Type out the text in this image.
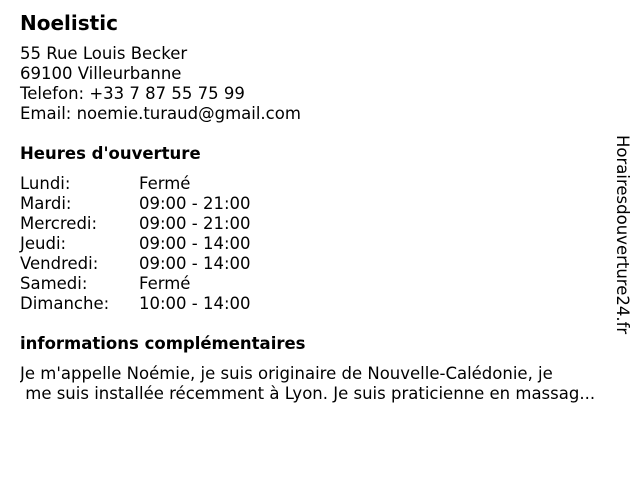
Noelistic
55 Rue Louis Becker
69100 Villeurbanne
Telefon: +33 7 87 55 75 99
Email: noemie.turaud@gmail.com
Heures d'ouverture
Lundi:	Fermé
Mardi:	09:00 - 21:00
Mercredi:	09:00 - 21:00
Jeudi:	09:00 - 14:00
Vendredi:	09:00 - 14:00
Samedi:	Fermé
Dimanche:	10:00 - 14:00
informations complémentaires
Je m'appelle Noémie, je suis originaire de Nouvelle-Calédonie, je
me suis installée récemment à Lyon. Je suis praticienne en massag...
Horairesdouverture24.fr
